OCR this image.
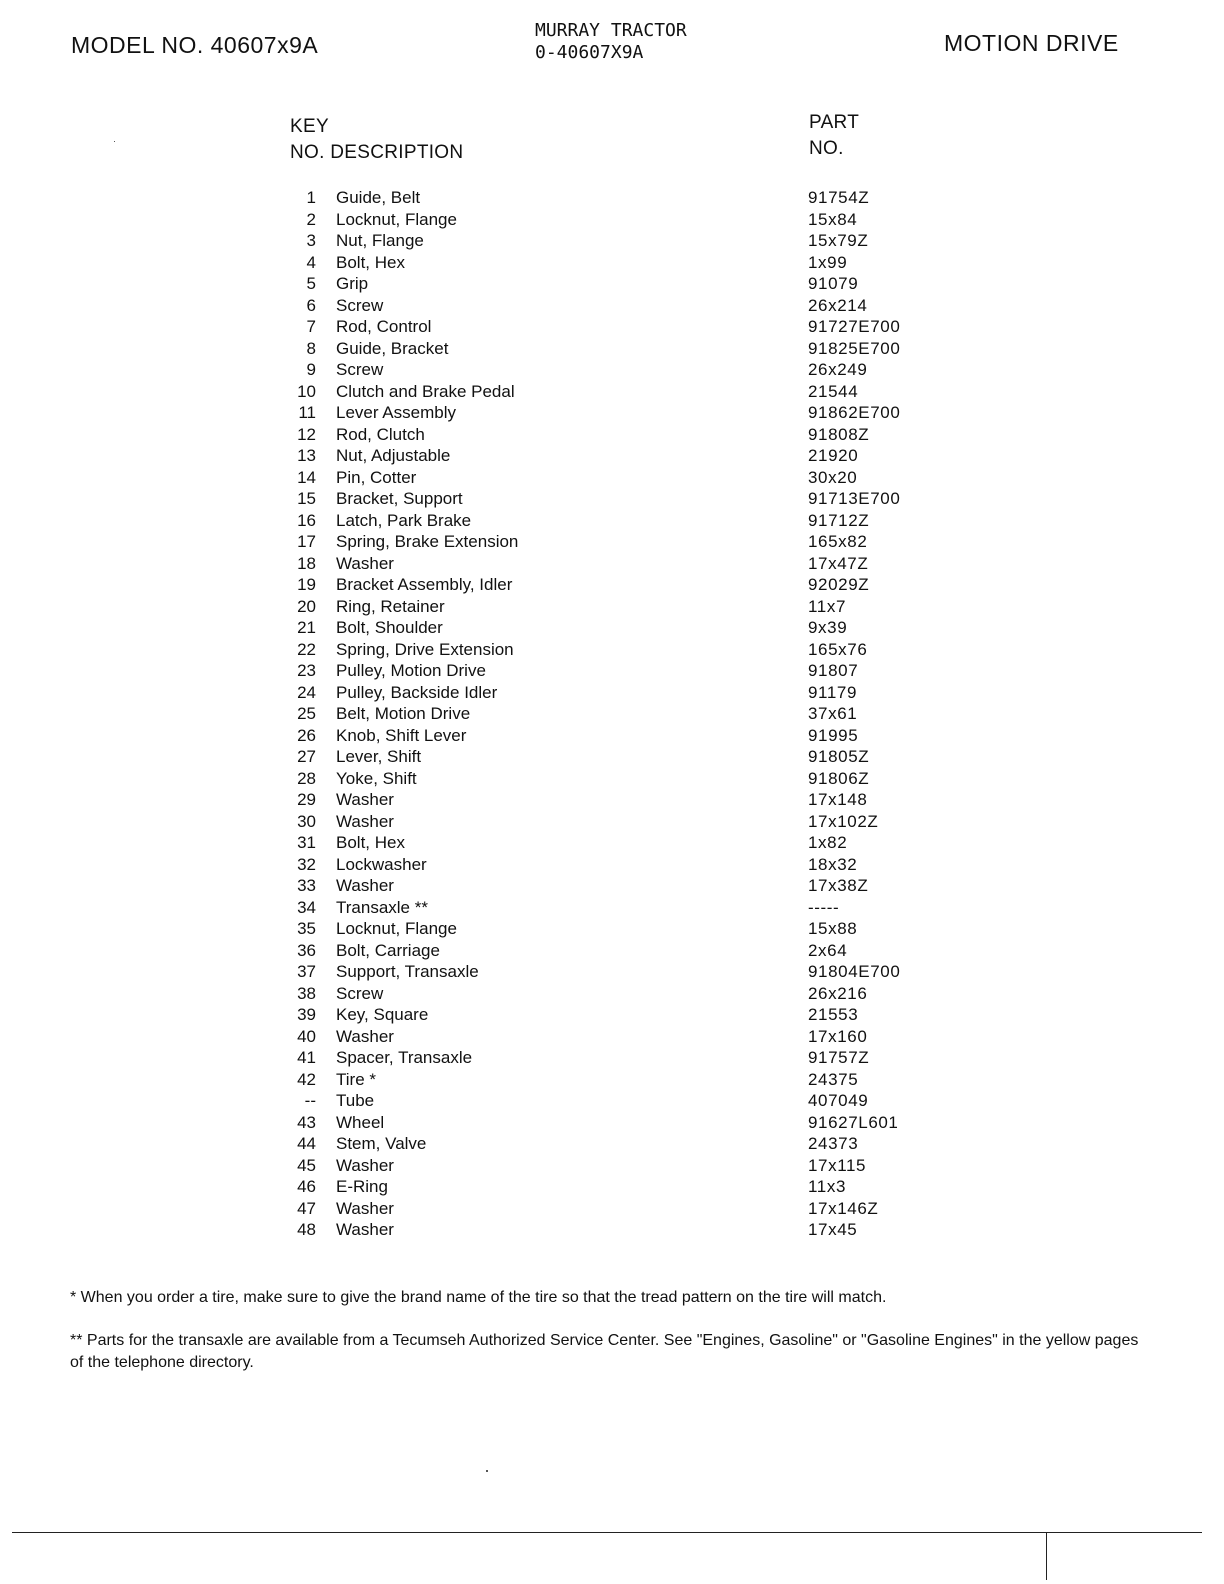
MODEL NO. 40607x9A
MURRAY TRACTOR
0-40607X9A	MOTION DRIVE
KEY
NO. DESCRIPTION
PART
NO.
1 Guide, Belt	91754Z
2 Locknut, Flange	15x84
3 Nut, Flange	15x79Z
4 Bolt, Hex	1x99
5 Grip	91079
6 Screw	26x214
7 Rod, Control	91727E700
8 Guide, Bracket	91825E700
9 Screw	26x249
10 Clutch and Brake Pedal	21544
11 Lever Assembly	91862E700
12 Rod, Clutch	91808Z
13 Nut, Adjustable	21920
14 Pin, Cotter	30x20
15 Bracket, Support	91713E700
16 Latch, Park Brake	91712Z
17 Spring, Brake Extension	165x82
18 Washer	17x47Z
19 Bracket Assembly, Idler	92029Z
20 Ring, Retainer	11x7
21 Bolt, Shoulder	9x39
22 Spring, Drive Extension	165x76
23 Pulley, Motion Drive	91807
24 Pulley, Backside Idler	91179
25 Belt, Motion Drive	37x61
26 Knob, Shift Lever	91995
27 Lever, Shift	91805Z
28 Yoke, Shift	91806Z
29 Washer	17x148
30 Washer	17x102Z
31 Bolt, Hex	1x82
32 Lockwasher	18x32
33 Washer	17x38Z
34 Transaxle **	-----
35 Locknut, Flange	15x88
36 Bolt, Carriage	2x64
37 Support, Transaxle	91804E700
38 Screw	26x216
39 Key, Square	21553
40 Washer	17x160
41 Spacer, Transaxle	91757Z
42 Tire *	24375
-- Tube	407049
43 Wheel	91627L601
44 Stem, Valve	24373
45 Washer	17x115
46 E-Ring	11x3
47 Washer	17x146Z
48 Washer	17x45
* When you order a tire, make sure to give the brand name of the tire so that the tread pattern on the tire will match.
** Parts for the transaxle are available from a Tecumseh Authorized Service Center. See "Engines, Gasoline" or "Gasoline Engines" in the yellow pages of the telephone directory.
